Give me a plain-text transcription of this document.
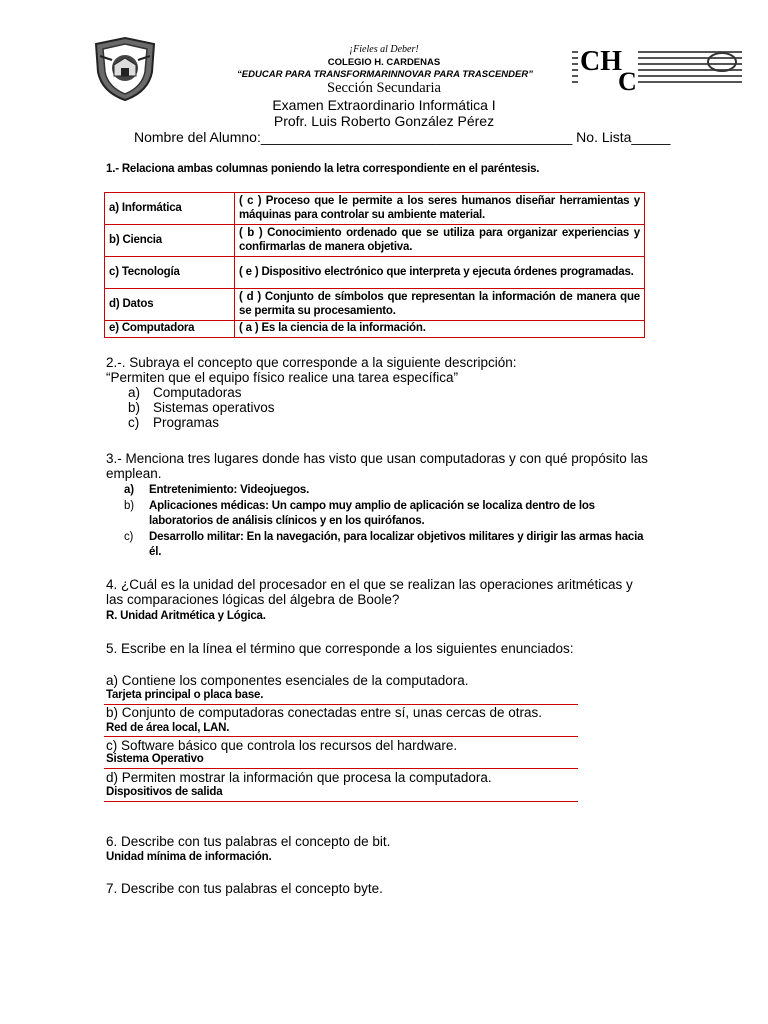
CH
C
¡Fieles al Deber!
COLEGIO H. CARDENAS
“EDUCAR PARA TRANSFORMARINNOVAR PARA TRASCENDER”
Sección Secundaria
Examen Extraordinario Informática I
Profr. Luis Roberto González Pérez
Nombre del Alumno:________________________________________ No. Lista_____
1.- Relaciona ambas columnas poniendo la letra correspondiente en el paréntesis.
a) Informática	( c ) Proceso que le permite a los seres humanos diseñar herramientas y máquinas para controlar su ambiente material.
b) Ciencia	( b ) Conocimiento ordenado que se utiliza para organizar experiencias y confirmarlas de manera objetiva.
c) Tecnología	( e ) Dispositivo electrónico que interpreta y ejecuta órdenes programadas.
d) Datos	( d ) Conjunto de símbolos que representan la información de manera que se permita su procesamiento.
e) Computadora	( a ) Es la ciencia de la información.
2.-. Subraya el concepto que corresponde a la siguiente descripción:
“Permiten que el equipo físico realice una tarea específica”
a) Computadoras
b) Sistemas operativos
c)	Programas
3.- Menciona tres lugares donde has visto que usan computadoras y con qué propósito las
emplean.
a)	Entretenimiento: Videojuegos.
b)	Aplicaciones médicas: Un campo muy amplio de aplicación se localiza dentro de los laboratorios de análisis clínicos y en los quirófanos.
c)	Desarrollo militar: En la navegación, para localizar objetivos militares y dirigir las armas hacia él.
4. ¿Cuál es la unidad del procesador en el que se realizan las operaciones aritméticas y
las comparaciones lógicas del álgebra de Boole?
R. Unidad Aritmética y Lógica.
5. Escribe en la línea el término que corresponde a los siguientes enunciados:
a) Contiene los componentes esenciales de la computadora.
Tarjeta principal o placa base.
b) Conjunto de computadoras conectadas entre sí, unas cercas de otras.
Red de área local, LAN.
c) Software básico que controla los recursos del hardware.
Sistema Operativo
d) Permiten mostrar la información que procesa la computadora.
Dispositivos de salida
6. Describe con tus palabras el concepto de bit.
Unidad mínima de información.
7. Describe con tus palabras el concepto byte.
